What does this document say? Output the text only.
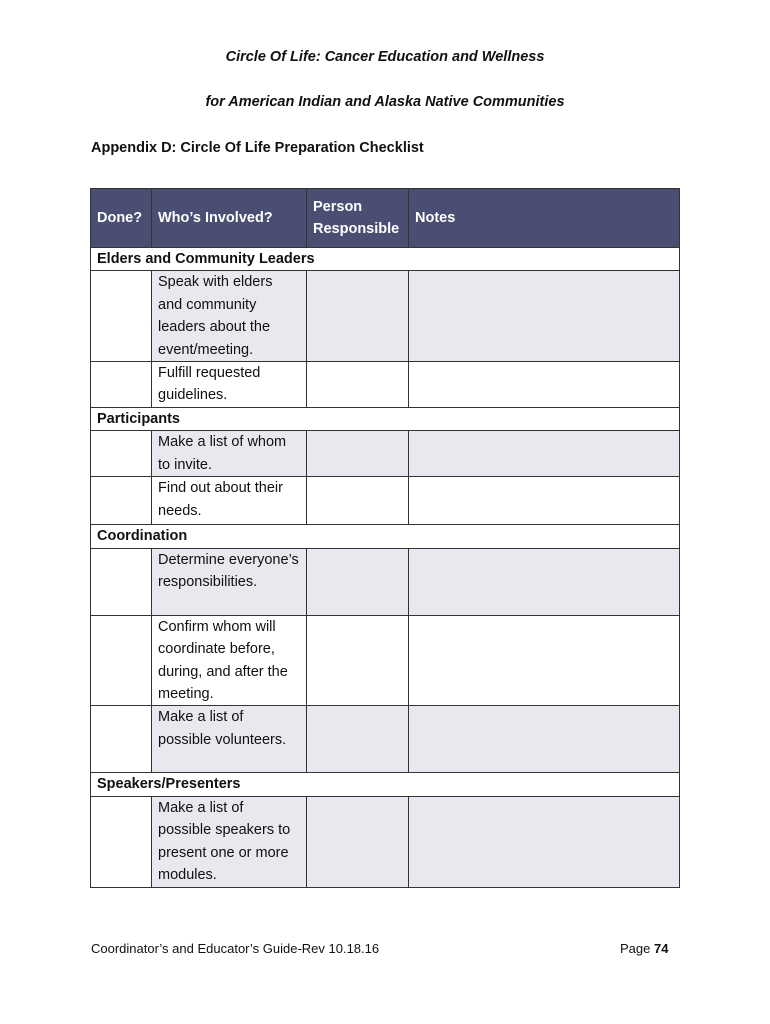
Circle Of Life: Cancer Education and Wellness
for American Indian and Alaska Native Communities
Appendix D: Circle Of Life Preparation Checklist
Done?	Who’s Involved?	Person Responsible	Notes
Elders and Community Leaders			
	Speak with elders and community leaders about the event/meeting.		
	Fulfill requested guidelines.		
Participants			
	Make a list of whom to invite.		
	Find out about their needs.		
Coordination			
	Determine everyone’s responsibilities.		
	Confirm whom will coordinate before, during, and after the meeting.		
	Make a list of possible volunteers.		
Speakers/Presenters			
	Make a list of possible speakers to present one or more modules.		
Coordinator’s and Educator’s Guide-Rev 10.18.16	Page 74
